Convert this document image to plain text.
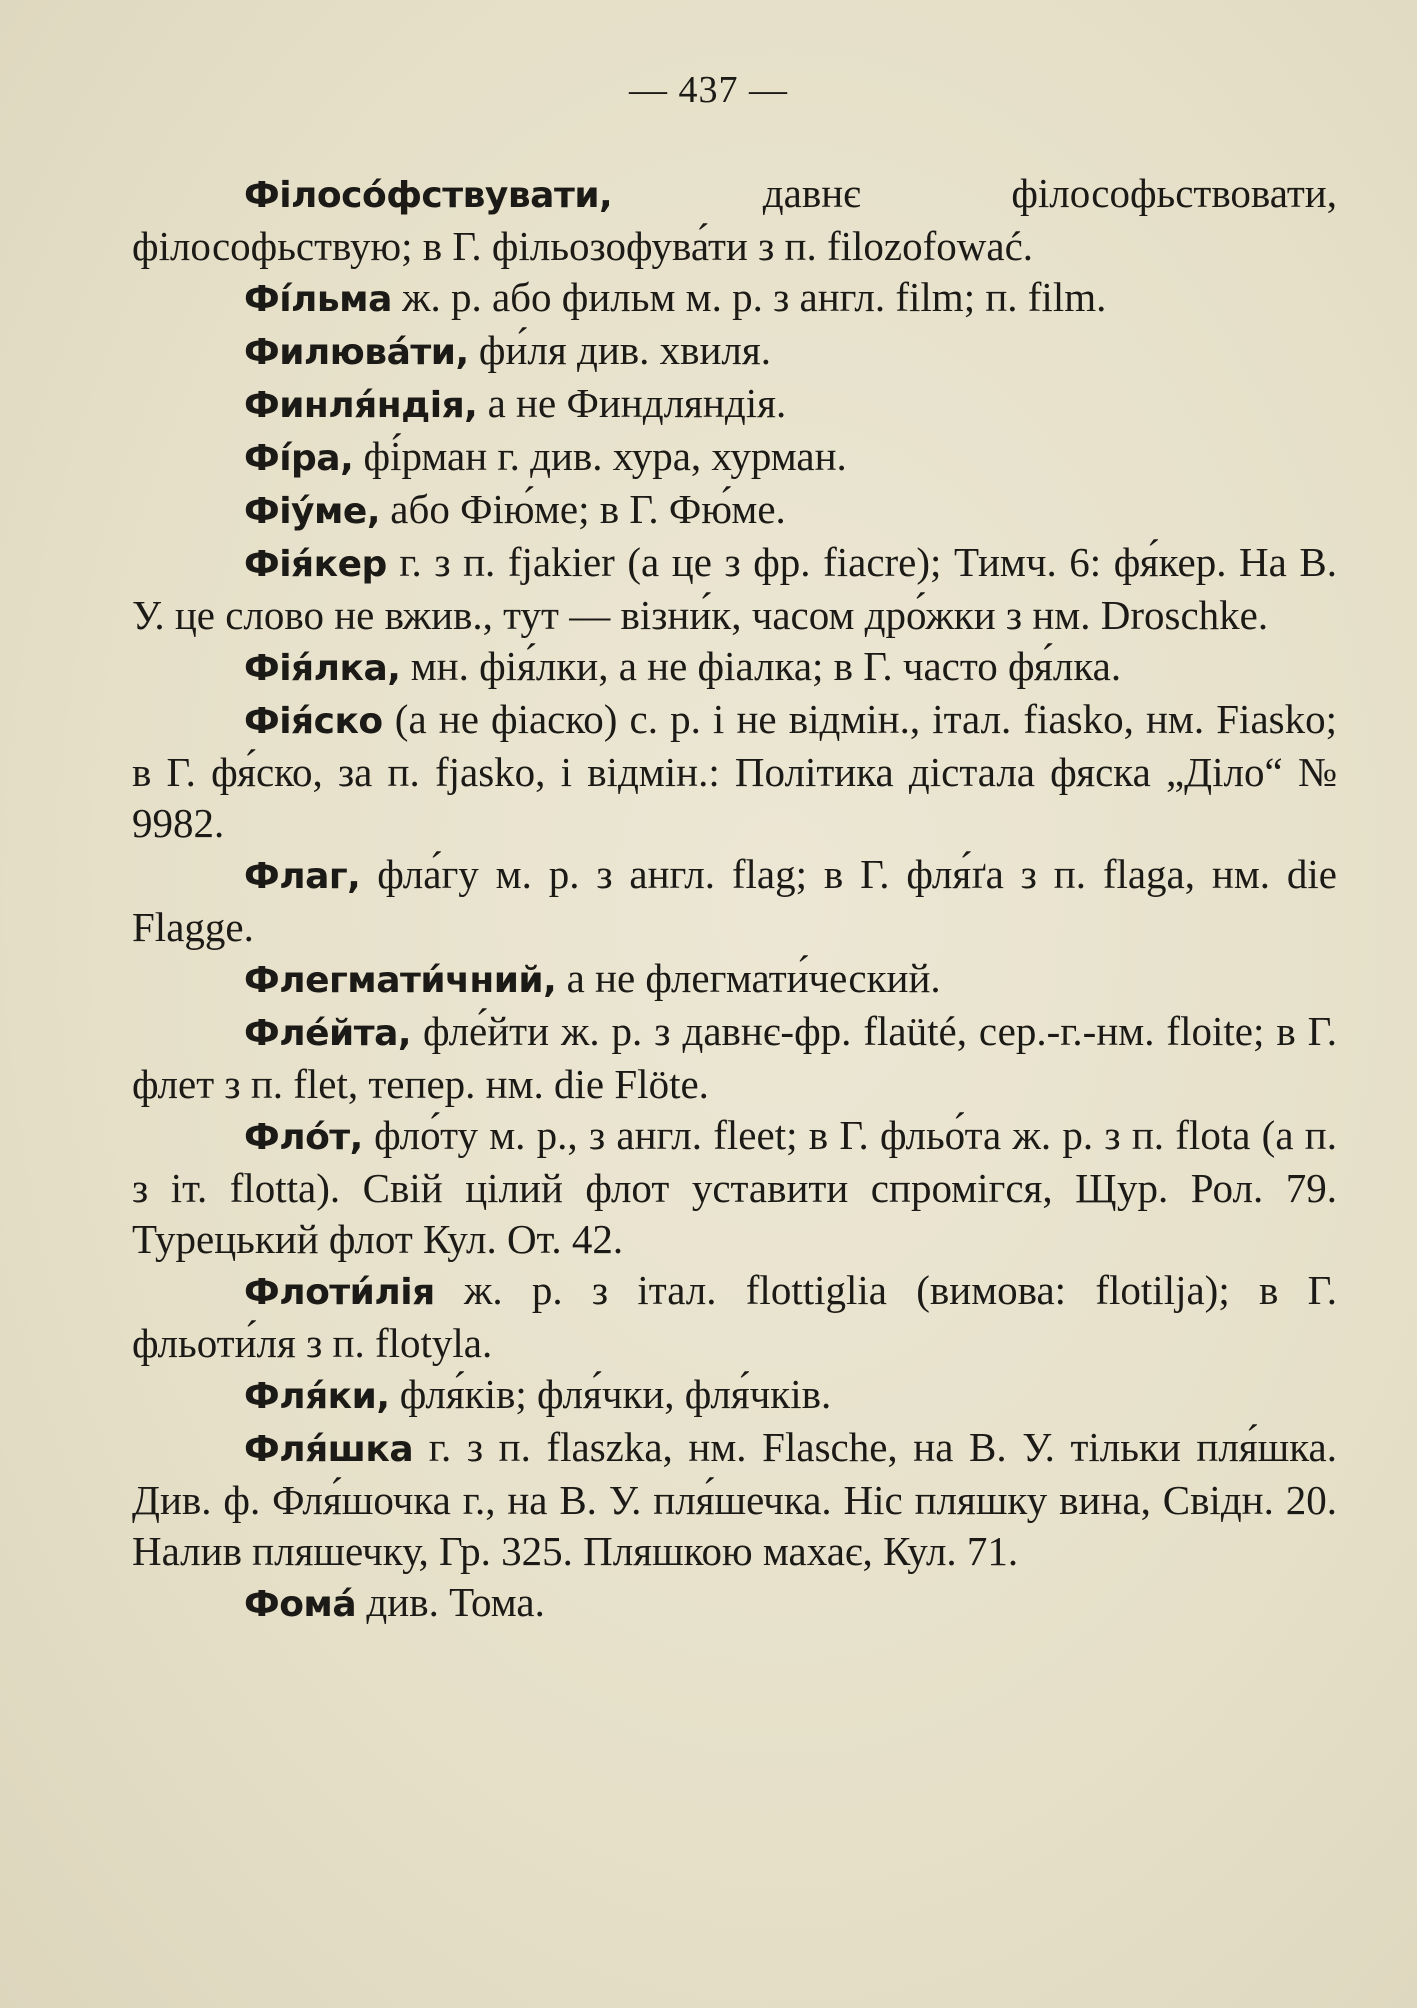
— 437 —

Філосо́фствувати, давнє філософьствовати, філософьствую; в Г. фільозофува́ти з п. filozofować.

Фі́льма ж. р. або фильм м. р. з англ. film; п. film.

Филюва́ти, фи́ля див. хвиля.

Финля́ндія, а не Финдляндія.

Фі́ра, фі́рман г. див. хура, хурман.

Фіу́ме, або Фію́ме; в Г. Фю́ме.

Фія́кер г. з п. fjakier (а це з фр. fiacre); Тимч. 6: фя́кер. На В. У. це слово не вжив., тут — візни́к, часом дро́жки з нм. Droschke.

Фія́лка, мн. фія́лки, а не фіалка; в Г. часто фя́лка.

Фія́ско (а не фіаско) с. р. і не відмін., італ. fiasko, нм. Fiasko; в Г. фя́ско, за п. fjasko, і відмін.: Політика дістала фяска „Діло“ № 9982.

Флаг, фла́гу м. р. з англ. flag; в Г. фля́ґа з п. flaga, нм. die Flagge.

Флегмати́чний, а не флегмати́ческий.

Фле́йта, фле́йти ж. р. з давнє-фр. flaüté, сер.-г.-нм. floite; в Г. флет з п. flet, тепер. нм. die Flöte.

Фло́т, фло́ту м. р., з англ. fleet; в Г. фльо́та ж. р. з п. flota (а п. з іт. flotta). Свій цілий флот уставити спромігся, Щур. Рол. 79. Турецький флот Кул. От. 42.

Флоти́лія ж. р. з італ. flottiglia (вимова: flotilja); в Г. фльоти́ля з п. flotyla.

Фля́ки, фля́ків; фля́чки, фля́чків.

Фля́шка г. з п. flaszka, нм. Flasche, на В. У. тільки пля́шка. Див. ф. Фля́шочка г., на В. У. пля́шечка. Ніс пляшку вина, Свідн. 20. Налив пляшечку, Гр. 325. Пляшкою махає, Кул. 71.

Фома́ див. Тома.
